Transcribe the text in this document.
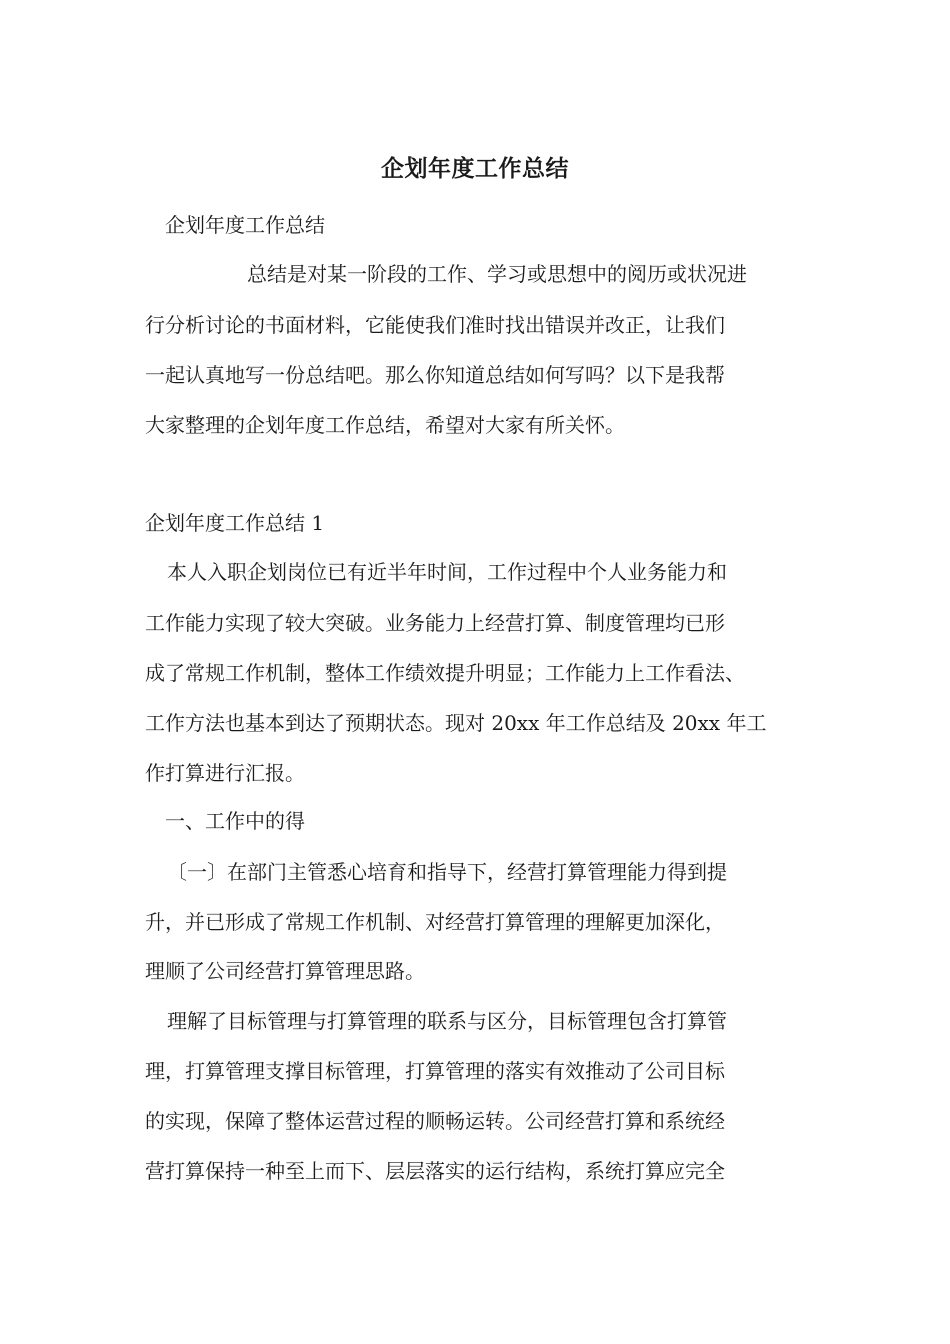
企划年度工作总结
企划年度工作总结
总结是对某一阶段的工作、学习或思想中的阅历或状况进
行分析讨论的书面材料，它能使我们准时找出错误并改正，让我们
一起认真地写一份总结吧。那么你知道总结如何写吗？以下是我帮
大家整理的企划年度工作总结，希望对大家有所关怀。
企划年度工作总结 1
本人入职企划岗位已有近半年时间，工作过程中个人业务能力和
工作能力实现了较大突破。业务能力上经营打算、制度管理均已形
成了常规工作机制，整体工作绩效提升明显；工作能力上工作看法、
工作方法也基本到达了预期状态。现对 20xx 年工作总结及 20xx 年工
作打算进行汇报。
一、工作中的得
〔一〕在部门主管悉心培育和指导下，经营打算管理能力得到提
升，并已形成了常规工作机制、对经营打算管理的理解更加深化，
理顺了公司经营打算管理思路。
理解了目标管理与打算管理的联系与区分，目标管理包含打算管
理，打算管理支撑目标管理，打算管理的落实有效推动了公司目标
的实现，保障了整体运营过程的顺畅运转。公司经营打算和系统经
营打算保持一种至上而下、层层落实的运行结构，系统打算应完全
